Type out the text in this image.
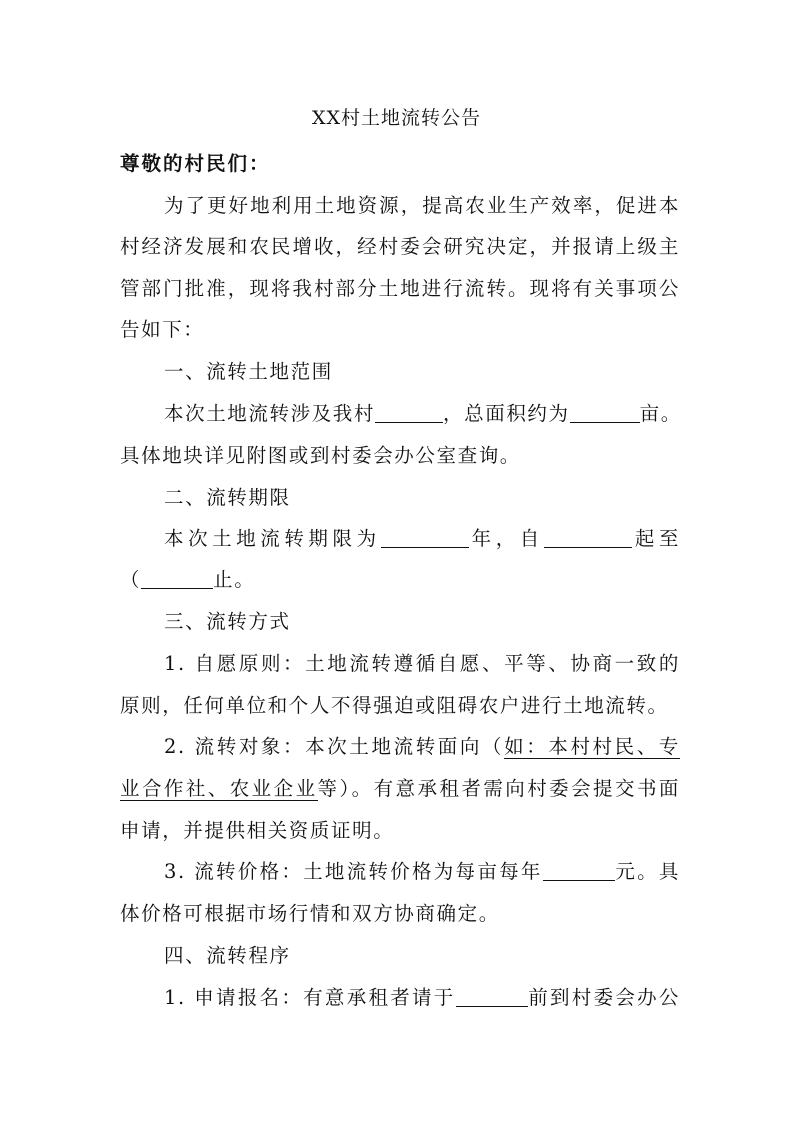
XX村土地流转公告
尊敬的村民们：
为了更好地利用土地资源，提高农业生产效率，促进本
村经济发展和农民增收，经村委会研究决定，并报请上级主
管部门批准，现将我村部分土地进行流转。现将有关事项公
告如下：
一、流转土地范围
本次土地流转涉及我村	，总面积约为	亩。
具体地块详见附图或到村委会办公室查询。
二、流转期限
本次土地流转期限为	年，自	起至
（	止。
三、流转方式
1. 自愿原则：土地流转遵循自愿、平等、协商一致的
原则，任何单位和个人不得强迫或阻碍农户进行土地流转。
2. 流转对象：本次土地流转面向（如：本村村民、专
业合作社、农业企业等）。有意承租者需向村委会提交书面
申请，并提供相关资质证明。
3. 流转价格：土地流转价格为每亩每年	元。具
体价格可根据市场行情和双方协商确定。
四、流转程序
1. 申请报名：有意承租者请于	前到村委会办公
